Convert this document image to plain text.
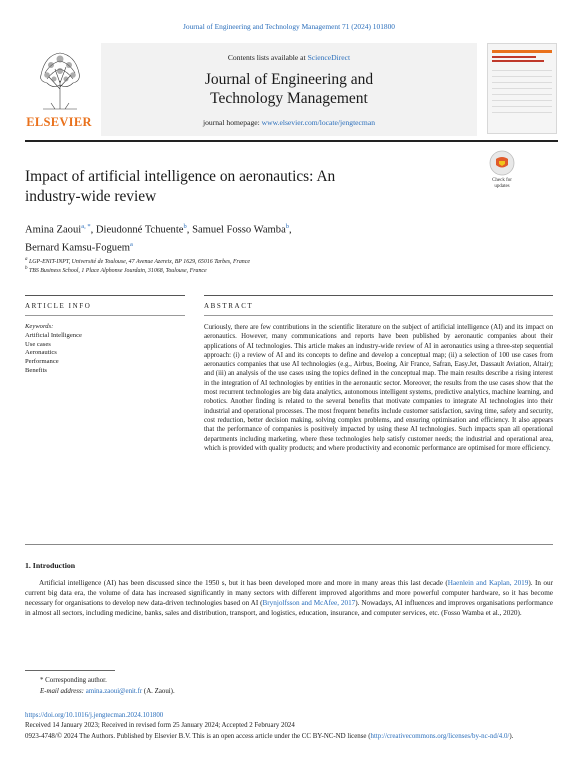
Journal of Engineering and Technology Management 71 (2024) 101800
ELSEVIER
Contents lists available at ScienceDirect
Journal of Engineering and
Technology Management
journal homepage: www.elsevier.com/locate/jengtecman
Impact of artificial intelligence on aeronautics: An
industry-wide review
Check for
updates
Amina Zaoui$^{a, *}$, Dieudonné Tchuente$^b$, Samuel Fosso Wamba$^b$,
Bernard Kamsu-Foguem$^a$
$^a$ LGP-ENIT-INPT, Université de Toulouse, 47 Avenue Azereix, BP 1629, 65016 Tarbes, France
$^b$ TBS Business School, 1 Place Alphonse Jourdain, 31068, Toulouse, France
ARTICLE INFO	ABSTRACT
Keywords:
Artificial Intelligence
Use cases
Aeronautics
Performance
Benefits
Curiously, there are few contributions in the scientific literature on the subject of artificial intelligence (AI) and its impact on aeronautics. However, many communications and reports have been published by aeronautic companies about their applications of AI technologies. This article makes an industry-wide review of AI in aeronautics using a three-step sequential approach: (i) a review of AI and its concepts to define and develop a conceptual map; (ii) a selection of 100 use cases from aeronautics companies that use AI technologies (e.g., Airbus, Boeing, Air France, Safran, Easy.Jet, Dassault Aviation, Altair); and (iii) an analysis of the use cases using the topics defined in the conceptual map. The main results describe a rising interest in the integration of AI technologies by entities in the aeronautic sector. Moreover, the results from the use cases show that the most recurrent technologies are big data analytics, autonomous intelligent systems, predictive analytics, machine learning, and robotics. Another finding is related to the several benefits that motivate companies to integrate AI technologies into their industrial and operational processes. The most frequent benefits include customer satisfaction, saving time, safety and security, cost reduction, better decision making, solving complex problems, and ensuring optimisation and efficiency. It also appears that the performance of companies is positively impacted by using these AI technologies. Such impacts span all operational departments including marketing, where these technologies help satisfy customer needs; the industrial and operational area, which is provided with quality products; and where productivity and economic performance are optimised for more efficiency.
1. Introduction
Artificial intelligence (AI) has been discussed since the 1950 s, but it has been developed more and more in many areas this last decade (Haenlein and Kaplan, 2019). In our current big data era, the volume of data has increased significantly in many sectors with different improved algorithms and more powerful computer hardware, so it has become necessary for organisations to develop new data-driven technologies based on AI (Brynjolfsson and McAfee, 2017). Nowadays, AI influences and improves organisations performance in almost all sectors, including medicine, banks, sales and distribution, transport, and logistics, education, insurance, and computer services, etc. (Fosso Wamba et al., 2020).
* Corresponding author.
E-mail address: amina.zaoui@enit.fr (A. Zaoui).
https://doi.org/10.1016/j.jengtecman.2024.101800
Received 14 January 2023; Received in revised form 25 January 2024; Accepted 2 February 2024
0923-4748/© 2024 The Authors. Published by Elsevier B.V. This is an open access article under the CC BY-NC-ND license (http://creativecommons.org/licenses/by-nc-nd/4.0/).
